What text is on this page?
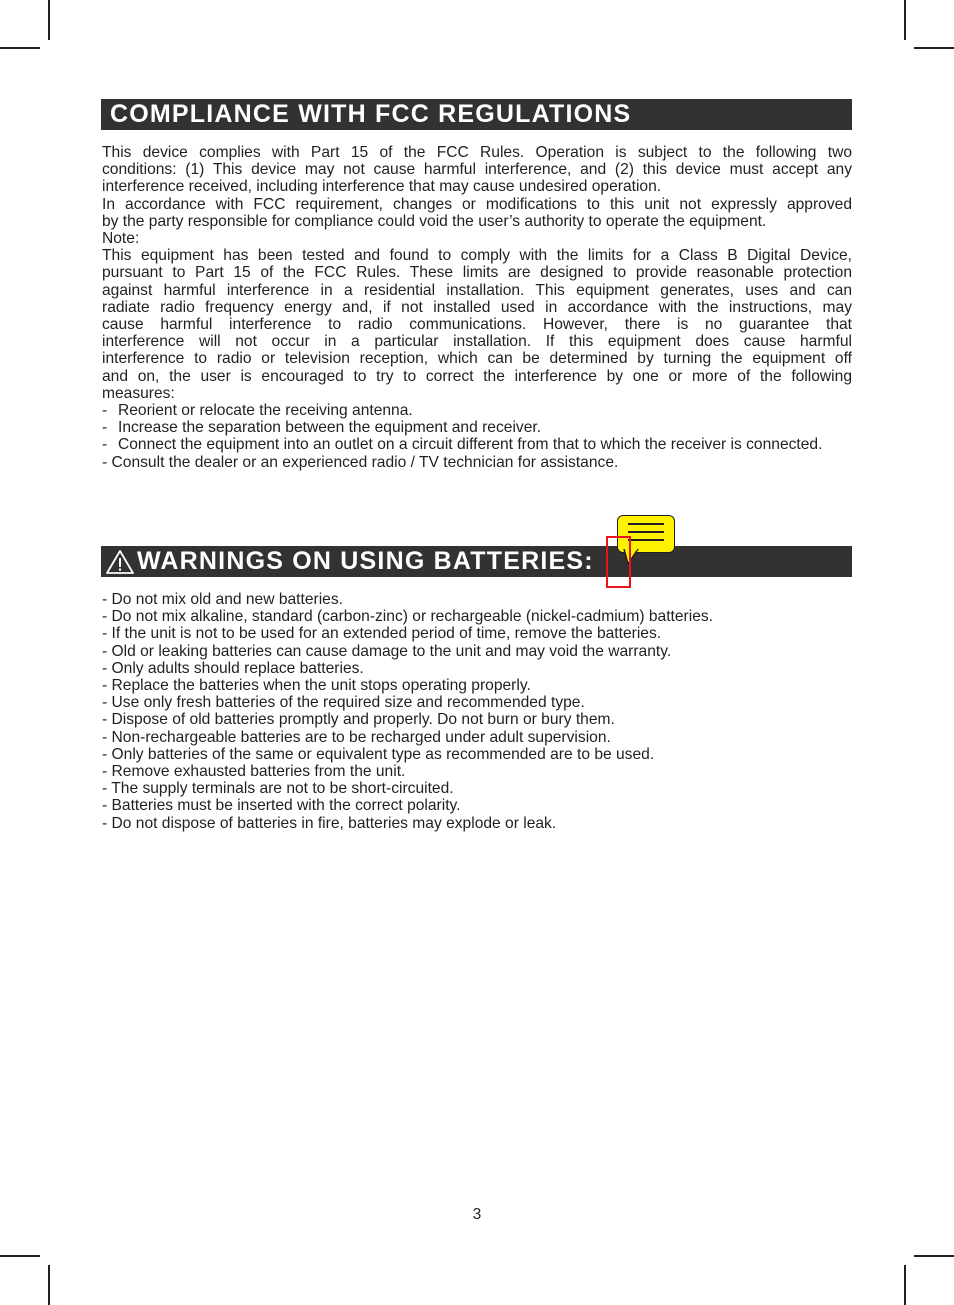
COMPLIANCE WITH FCC REGULATIONS
This device complies with Part 15 of the FCC Rules. Operation is subject to the following two
conditions: (1) This device may not cause harmful interference, and (2) this device must accept any
interference received, including interference that may cause undesired operation.
In accordance with FCC requirement, changes or modifications to this unit not expressly approved
by the party responsible for compliance could void the user’s authority to operate the equipment.
Note:
This equipment has been tested and found to comply with the limits for a Class B Digital Device,
pursuant to Part 15 of the FCC Rules. These limits are designed to provide reasonable protection
against harmful interference in a residential installation. This equipment generates, uses and can
radiate radio frequency energy and, if not installed used in accordance with the instructions, may
cause harmful interference to radio communications. However, there is no guarantee that
interference will not occur in a particular installation. If this equipment does cause harmful
interference to radio or television reception, which can be determined by turning the equipment off
and on, the user is encouraged to try to correct the interference by one or more of the following
measures:
- Reorient or relocate the receiving antenna.
- Increase the separation between the equipment and receiver.
- Connect the equipment into an outlet on a circuit different from that to which the receiver is connected.
- Consult the dealer or an experienced radio / TV technician for assistance.
WARNINGS ON USING BATTERIES:
- Do not mix old and new batteries.
- Do not mix alkaline, standard (carbon-zinc) or rechargeable (nickel-cadmium) batteries.
- If the unit is not to be used for an extended period of time, remove the batteries.
- Old or leaking batteries can cause damage to the unit and may void the warranty.
- Only adults should replace batteries.
- Replace the batteries when the unit stops operating properly.
- Use only fresh batteries of the required size and recommended type.
- Dispose of old batteries promptly and properly. Do not burn or bury them.
- Non-rechargeable batteries are to be recharged under adult supervision.
- Only batteries of the same or equivalent type as recommended are to be used.
- Remove exhausted batteries from the unit.
- The supply terminals are not to be short-circuited.
- Batteries must be inserted with the correct polarity.
- Do not dispose of batteries in fire, batteries may explode or leak.
3
